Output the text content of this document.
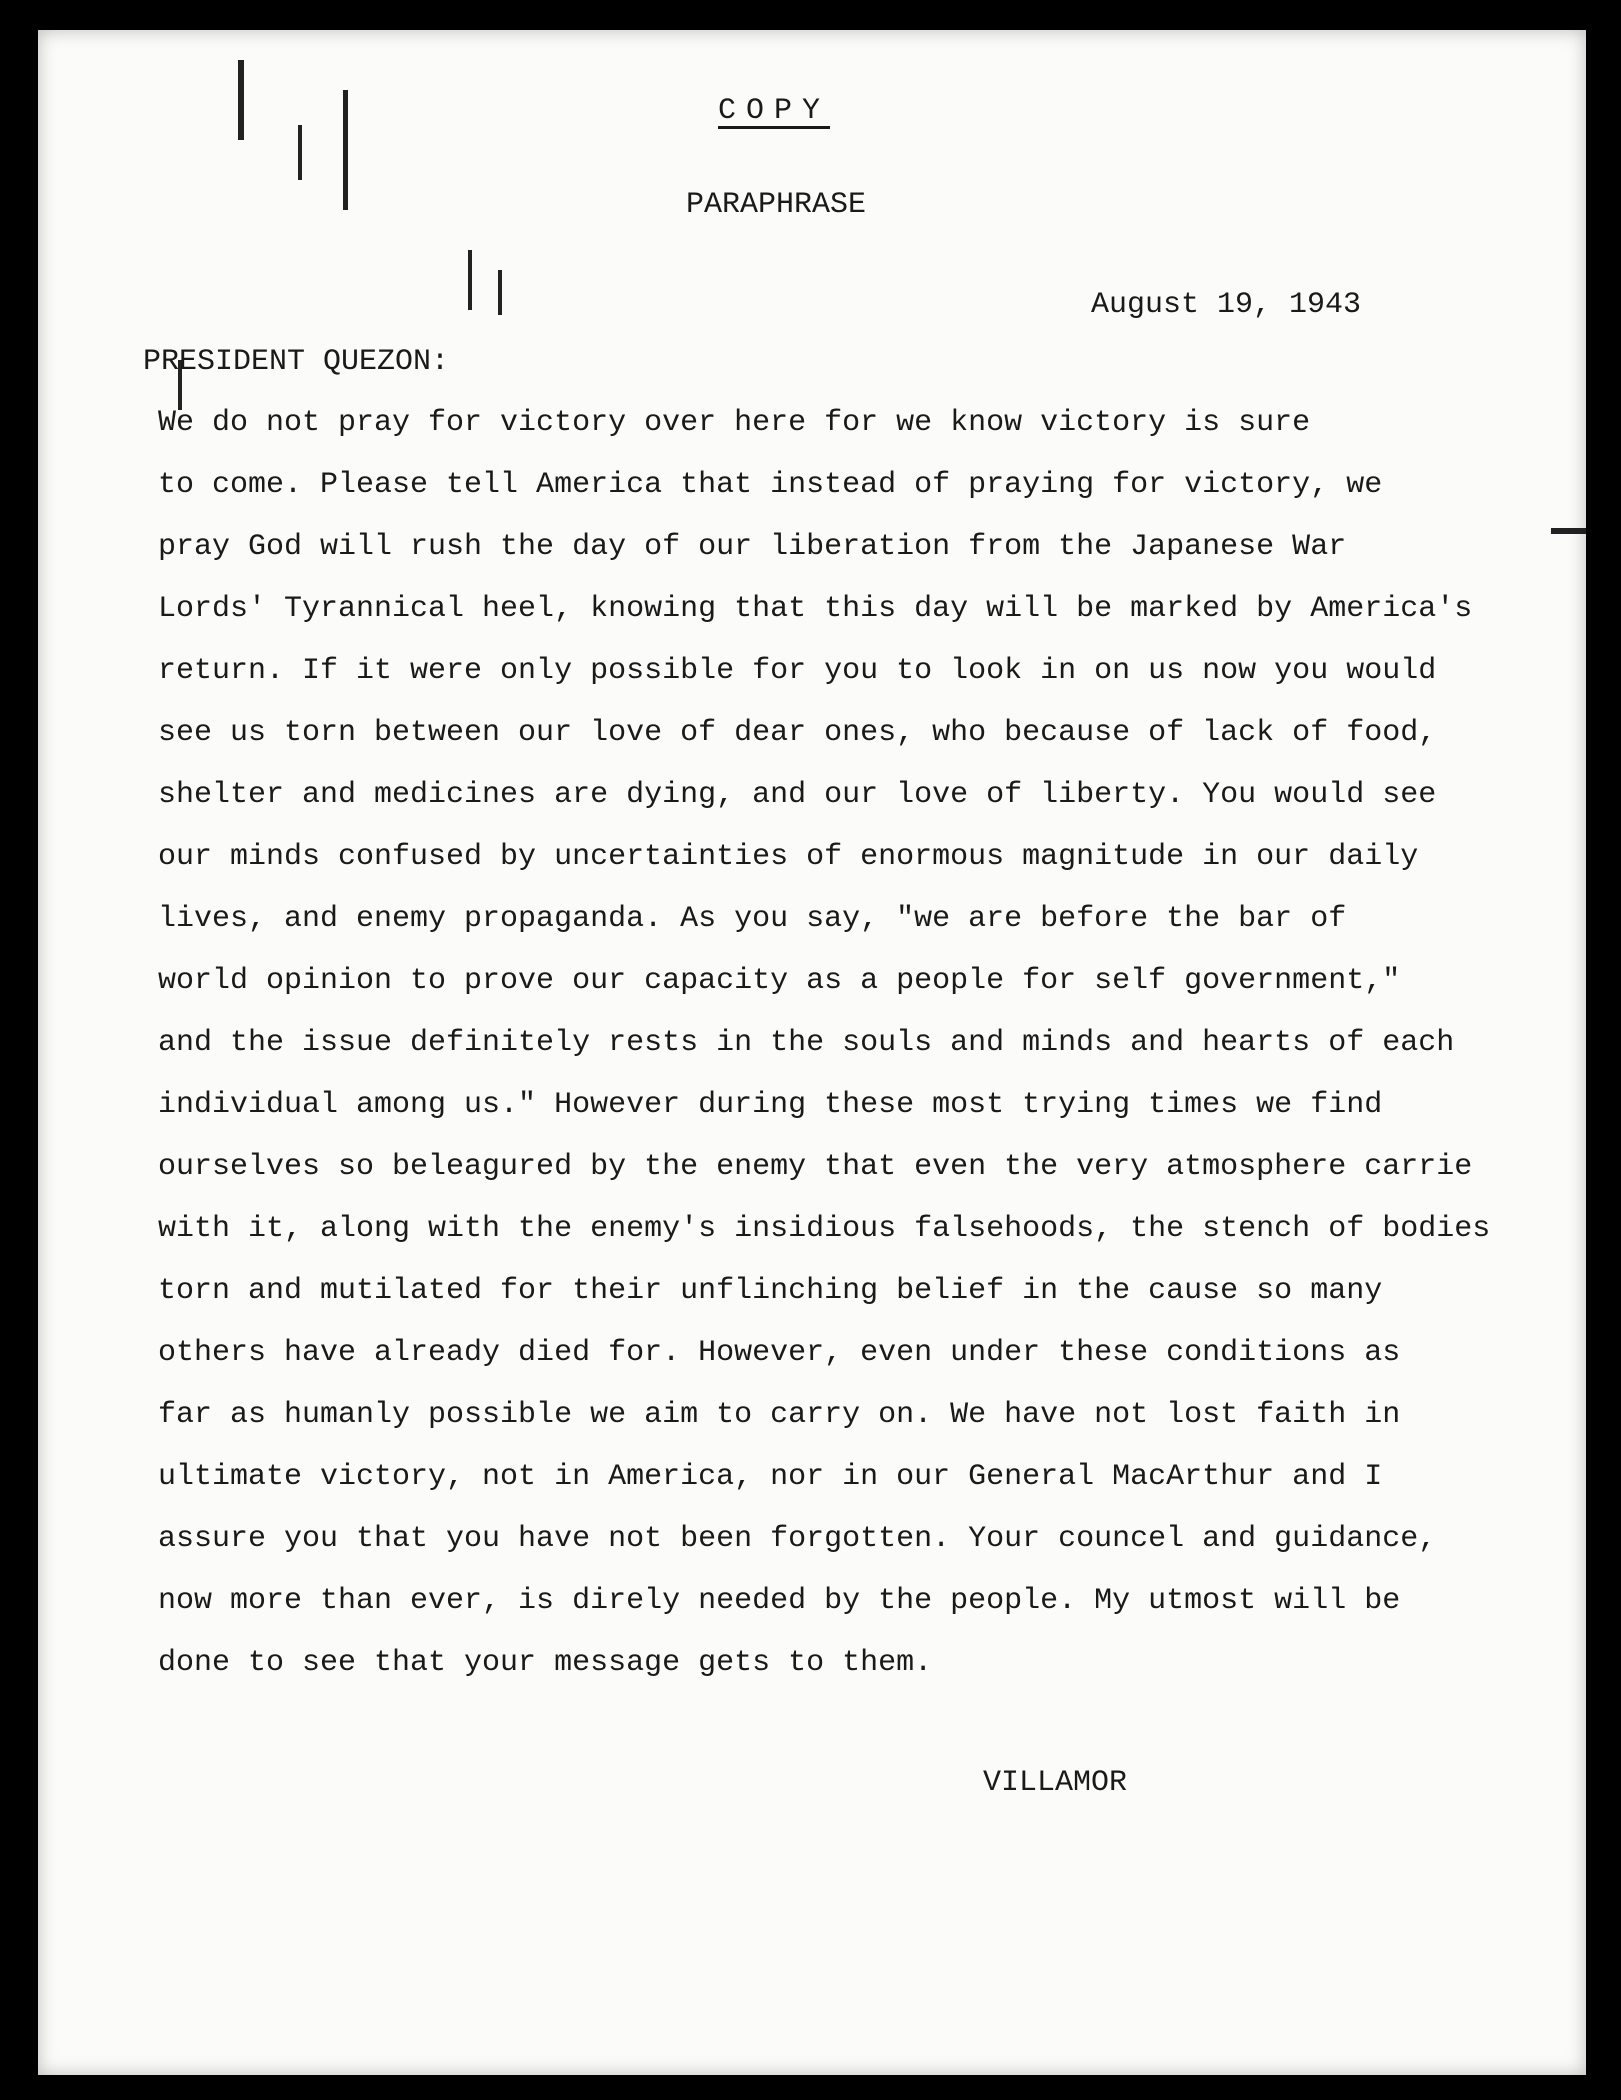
COPY
PARAPHRASE
August 19, 1943
PRESIDENT QUEZON:
We do not pray for victory over here for we know victory is sure
to come. Please tell America that instead of praying for victory, we
pray God will rush the day of our liberation from the Japanese War
Lords' Tyrannical heel, knowing that this day will be marked by America's
return. If it were only possible for you to look in on us now you would
see us torn between our love of dear ones, who because of lack of food,
shelter and medicines are dying, and our love of liberty. You would see
our minds confused by uncertainties of enormous magnitude in our daily
lives, and enemy propaganda. As you say, "we are before the bar of
world opinion to prove our capacity as a people for self government,"
and the issue definitely rests in the souls and minds and hearts of each
individual among us." However during these most trying times we find
ourselves so beleagured by the enemy that even the very atmosphere carrie
with it, along with the enemy's insidious falsehoods, the stench of bodies
torn and mutilated for their unflinching belief in the cause so many
others have already died for. However, even under these conditions as
far as humanly possible we aim to carry on. We have not lost faith in
ultimate victory, not in America, nor in our General MacArthur and I
assure you that you have not been forgotten. Your councel and guidance,
now more than ever, is direly needed by the people. My utmost will be
done to see that your message gets to them.
VILLAMOR
